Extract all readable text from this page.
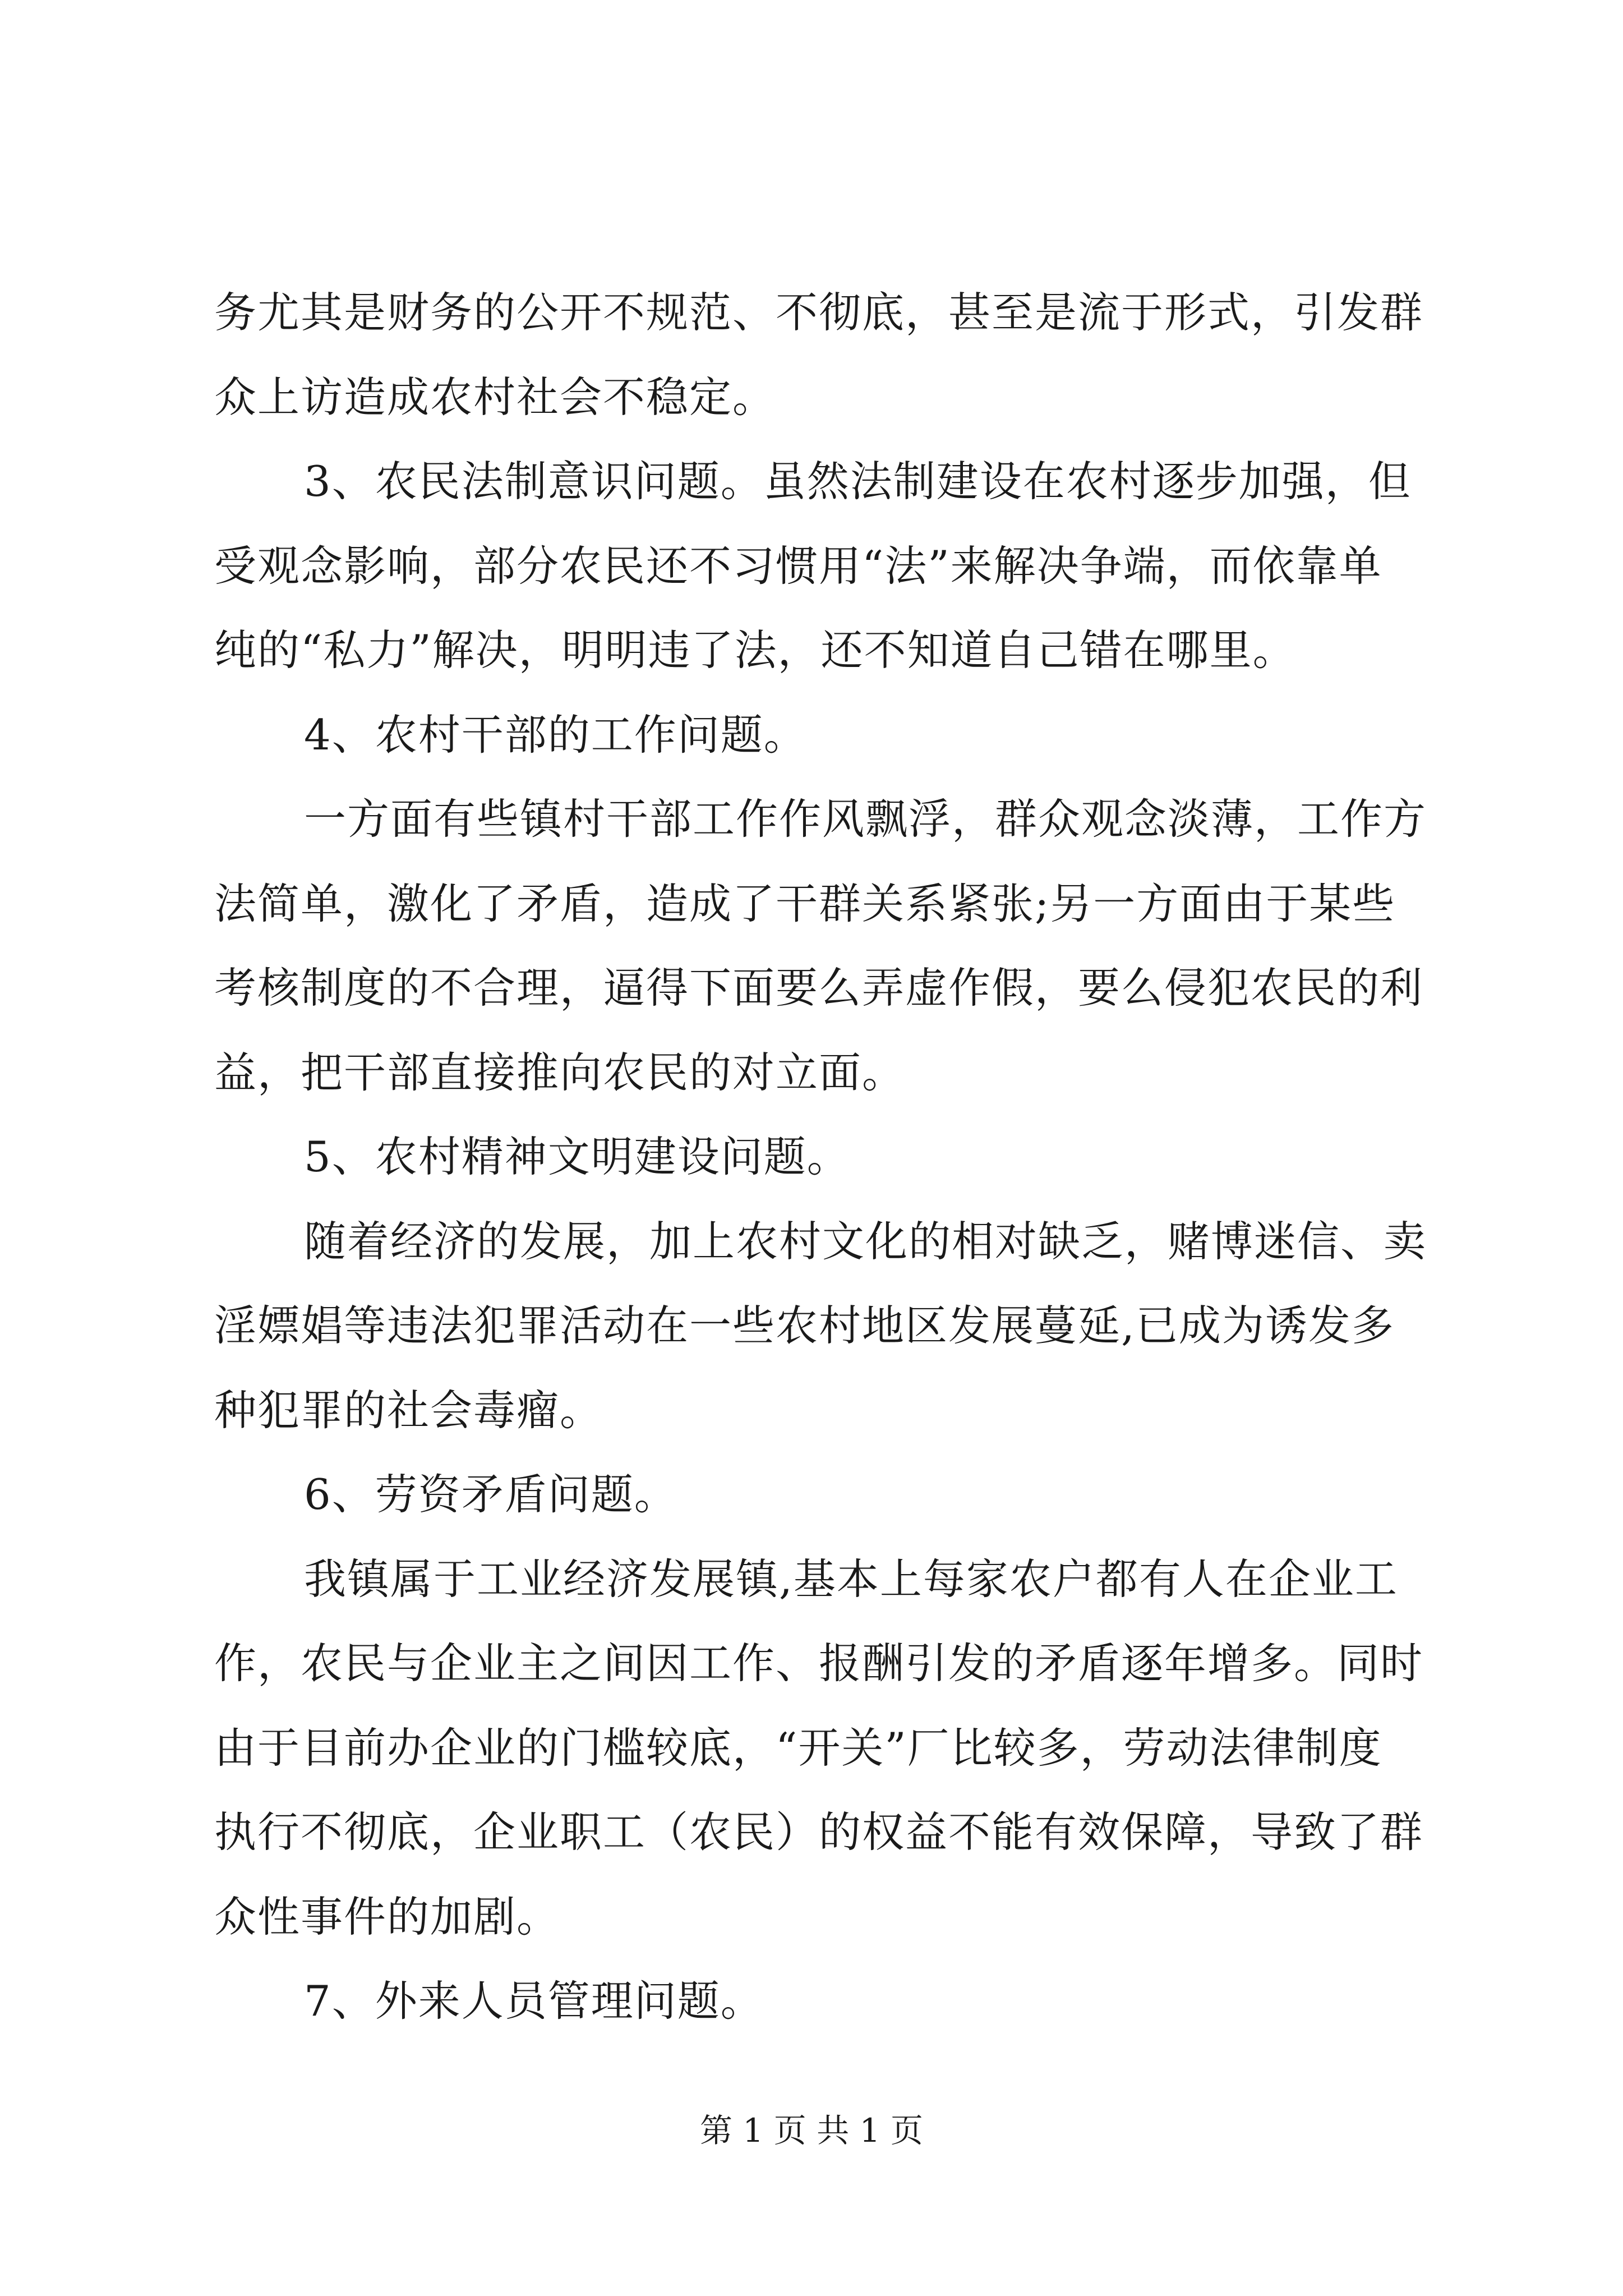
务尤其是财务的公开不规范、不彻底，甚至是流于形式，引发群
众上访造成农村社会不稳定。
3、农民法制意识问题。虽然法制建设在农村逐步加强，但
受观念影响，部分农民还不习惯用“法”来解决争端，而依靠单
纯的“私力”解决，明明违了法，还不知道自己错在哪里。
4、农村干部的工作问题。
一方面有些镇村干部工作作风飘浮，群众观念淡薄，工作方
法简单，激化了矛盾，造成了干群关系紧张;另一方面由于某些
考核制度的不合理，逼得下面要么弄虚作假，要么侵犯农民的利
益，把干部直接推向农民的对立面。
5、农村精神文明建设问题。
随着经济的发展，加上农村文化的相对缺乏，赌博迷信、卖
淫嫖娼等违法犯罪活动在一些农村地区发展蔓延,已成为诱发多
种犯罪的社会毒瘤。
6、劳资矛盾问题。
我镇属于工业经济发展镇,基本上每家农户都有人在企业工
作，农民与企业主之间因工作、报酬引发的矛盾逐年增多。同时
由于目前办企业的门槛较底，“开关”厂比较多，劳动法律制度
执行不彻底，企业职工（农民）的权益不能有效保障，导致了群
众性事件的加剧。
7、外来人员管理问题。
第 1 页 共 1 页
